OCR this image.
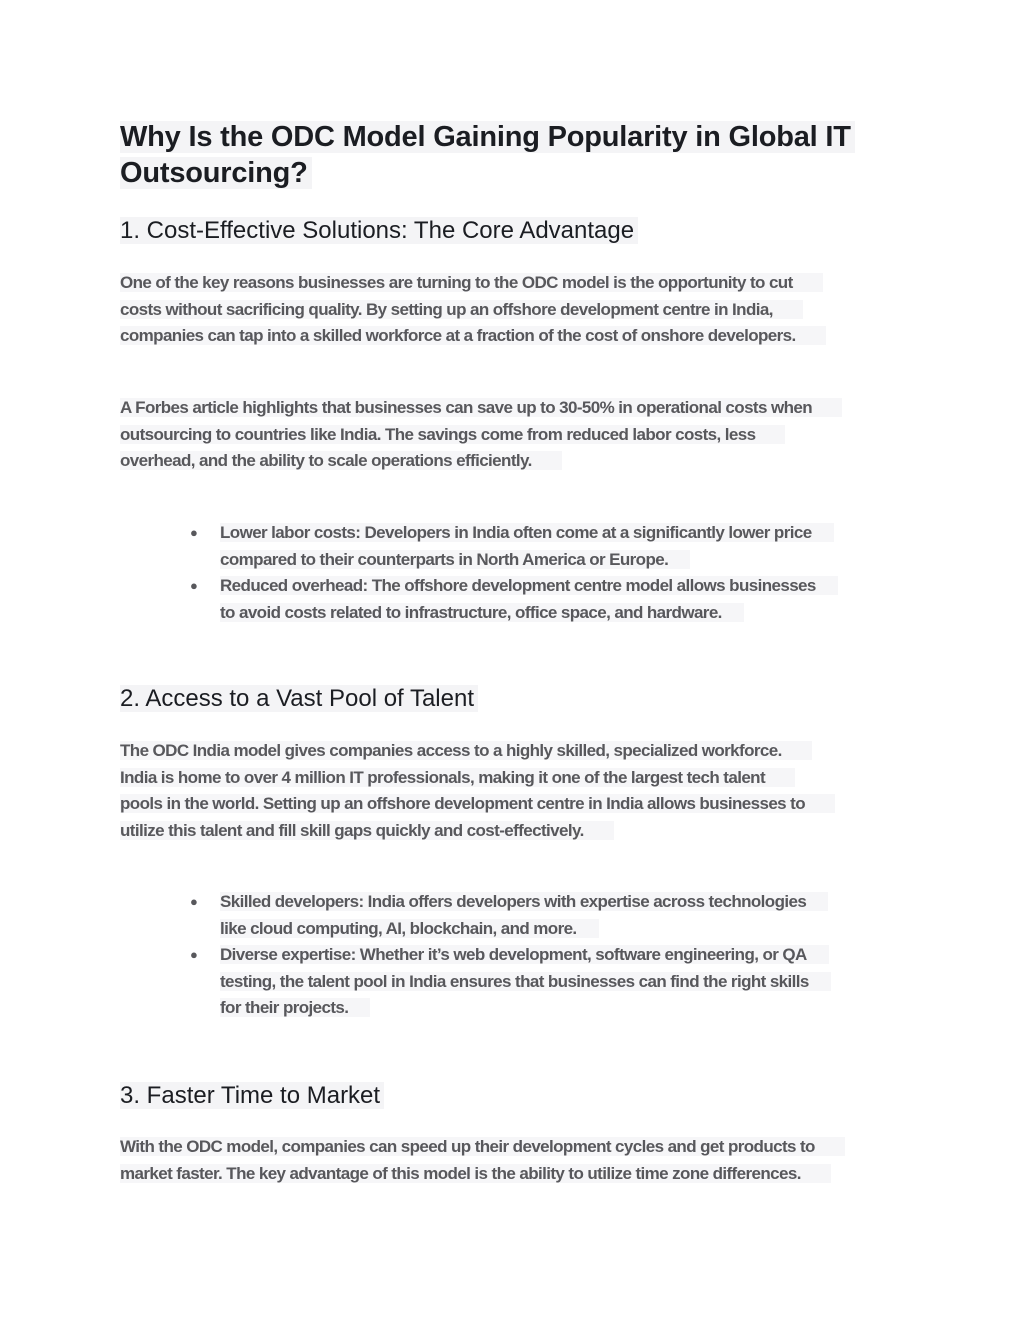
Why Is the ODC Model Gaining Popularity in Global IT
Outsourcing?
1. Cost-Effective Solutions: The Core Advantage
One of the key reasons businesses are turning to the ODC model is the opportunity to cut
costs without sacrificing quality. By setting up an offshore development centre in India,
companies can tap into a skilled workforce at a fraction of the cost of onshore developers.
A Forbes article highlights that businesses can save up to 30-50% in operational costs when
outsourcing to countries like India. The savings come from reduced labor costs, less
overhead, and the ability to scale operations efficiently.
● Lower labor costs: Developers in India often come at a significantly lower price
compared to their counterparts in North America or Europe.
● Reduced overhead: The offshore development centre model allows businesses
to avoid costs related to infrastructure, office space, and hardware.
2. Access to a Vast Pool of Talent
The ODC India model gives companies access to a highly skilled, specialized workforce.
India is home to over 4 million IT professionals, making it one of the largest tech talent
pools in the world. Setting up an offshore development centre in India allows businesses to
utilize this talent and fill skill gaps quickly and cost-effectively.
● Skilled developers: India offers developers with expertise across technologies
like cloud computing, AI, blockchain, and more.
● Diverse expertise: Whether it’s web development, software engineering, or QA
testing, the talent pool in India ensures that businesses can find the right skills
for their projects.
3. Faster Time to Market
With the ODC model, companies can speed up their development cycles and get products to
market faster. The key advantage of this model is the ability to utilize time zone differences.
